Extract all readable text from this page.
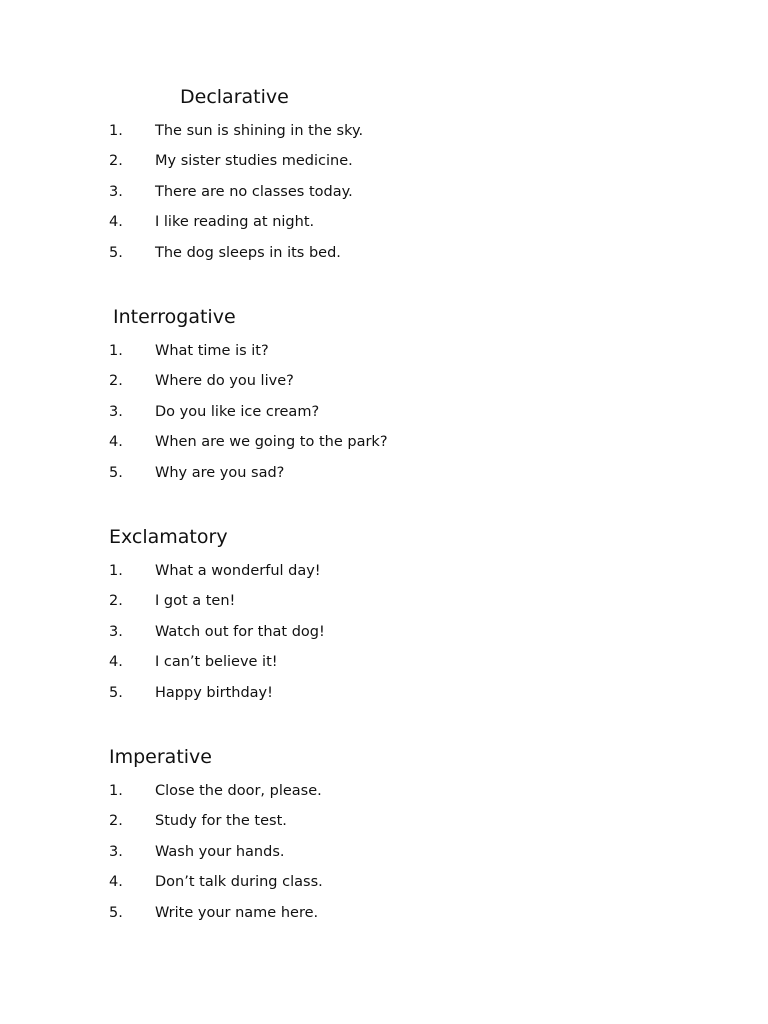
Declarative
1. The sun is shining in the sky.
2. My sister studies medicine.
3. There are no classes today.
4. I like reading at night.
5. The dog sleeps in its bed.
Interrogative
1. What time is it?
2. Where do you live?
3. Do you like ice cream?
4. When are we going to the park?
5. Why are you sad?
Exclamatory
1. What a wonderful day!
2. I got a ten!
3. Watch out for that dog!
4. I can’t believe it!
5. Happy birthday!
Imperative
1. Close the door, please.
2. Study for the test.
3. Wash your hands.
4. Don’t talk during class.
5. Write your name here.
